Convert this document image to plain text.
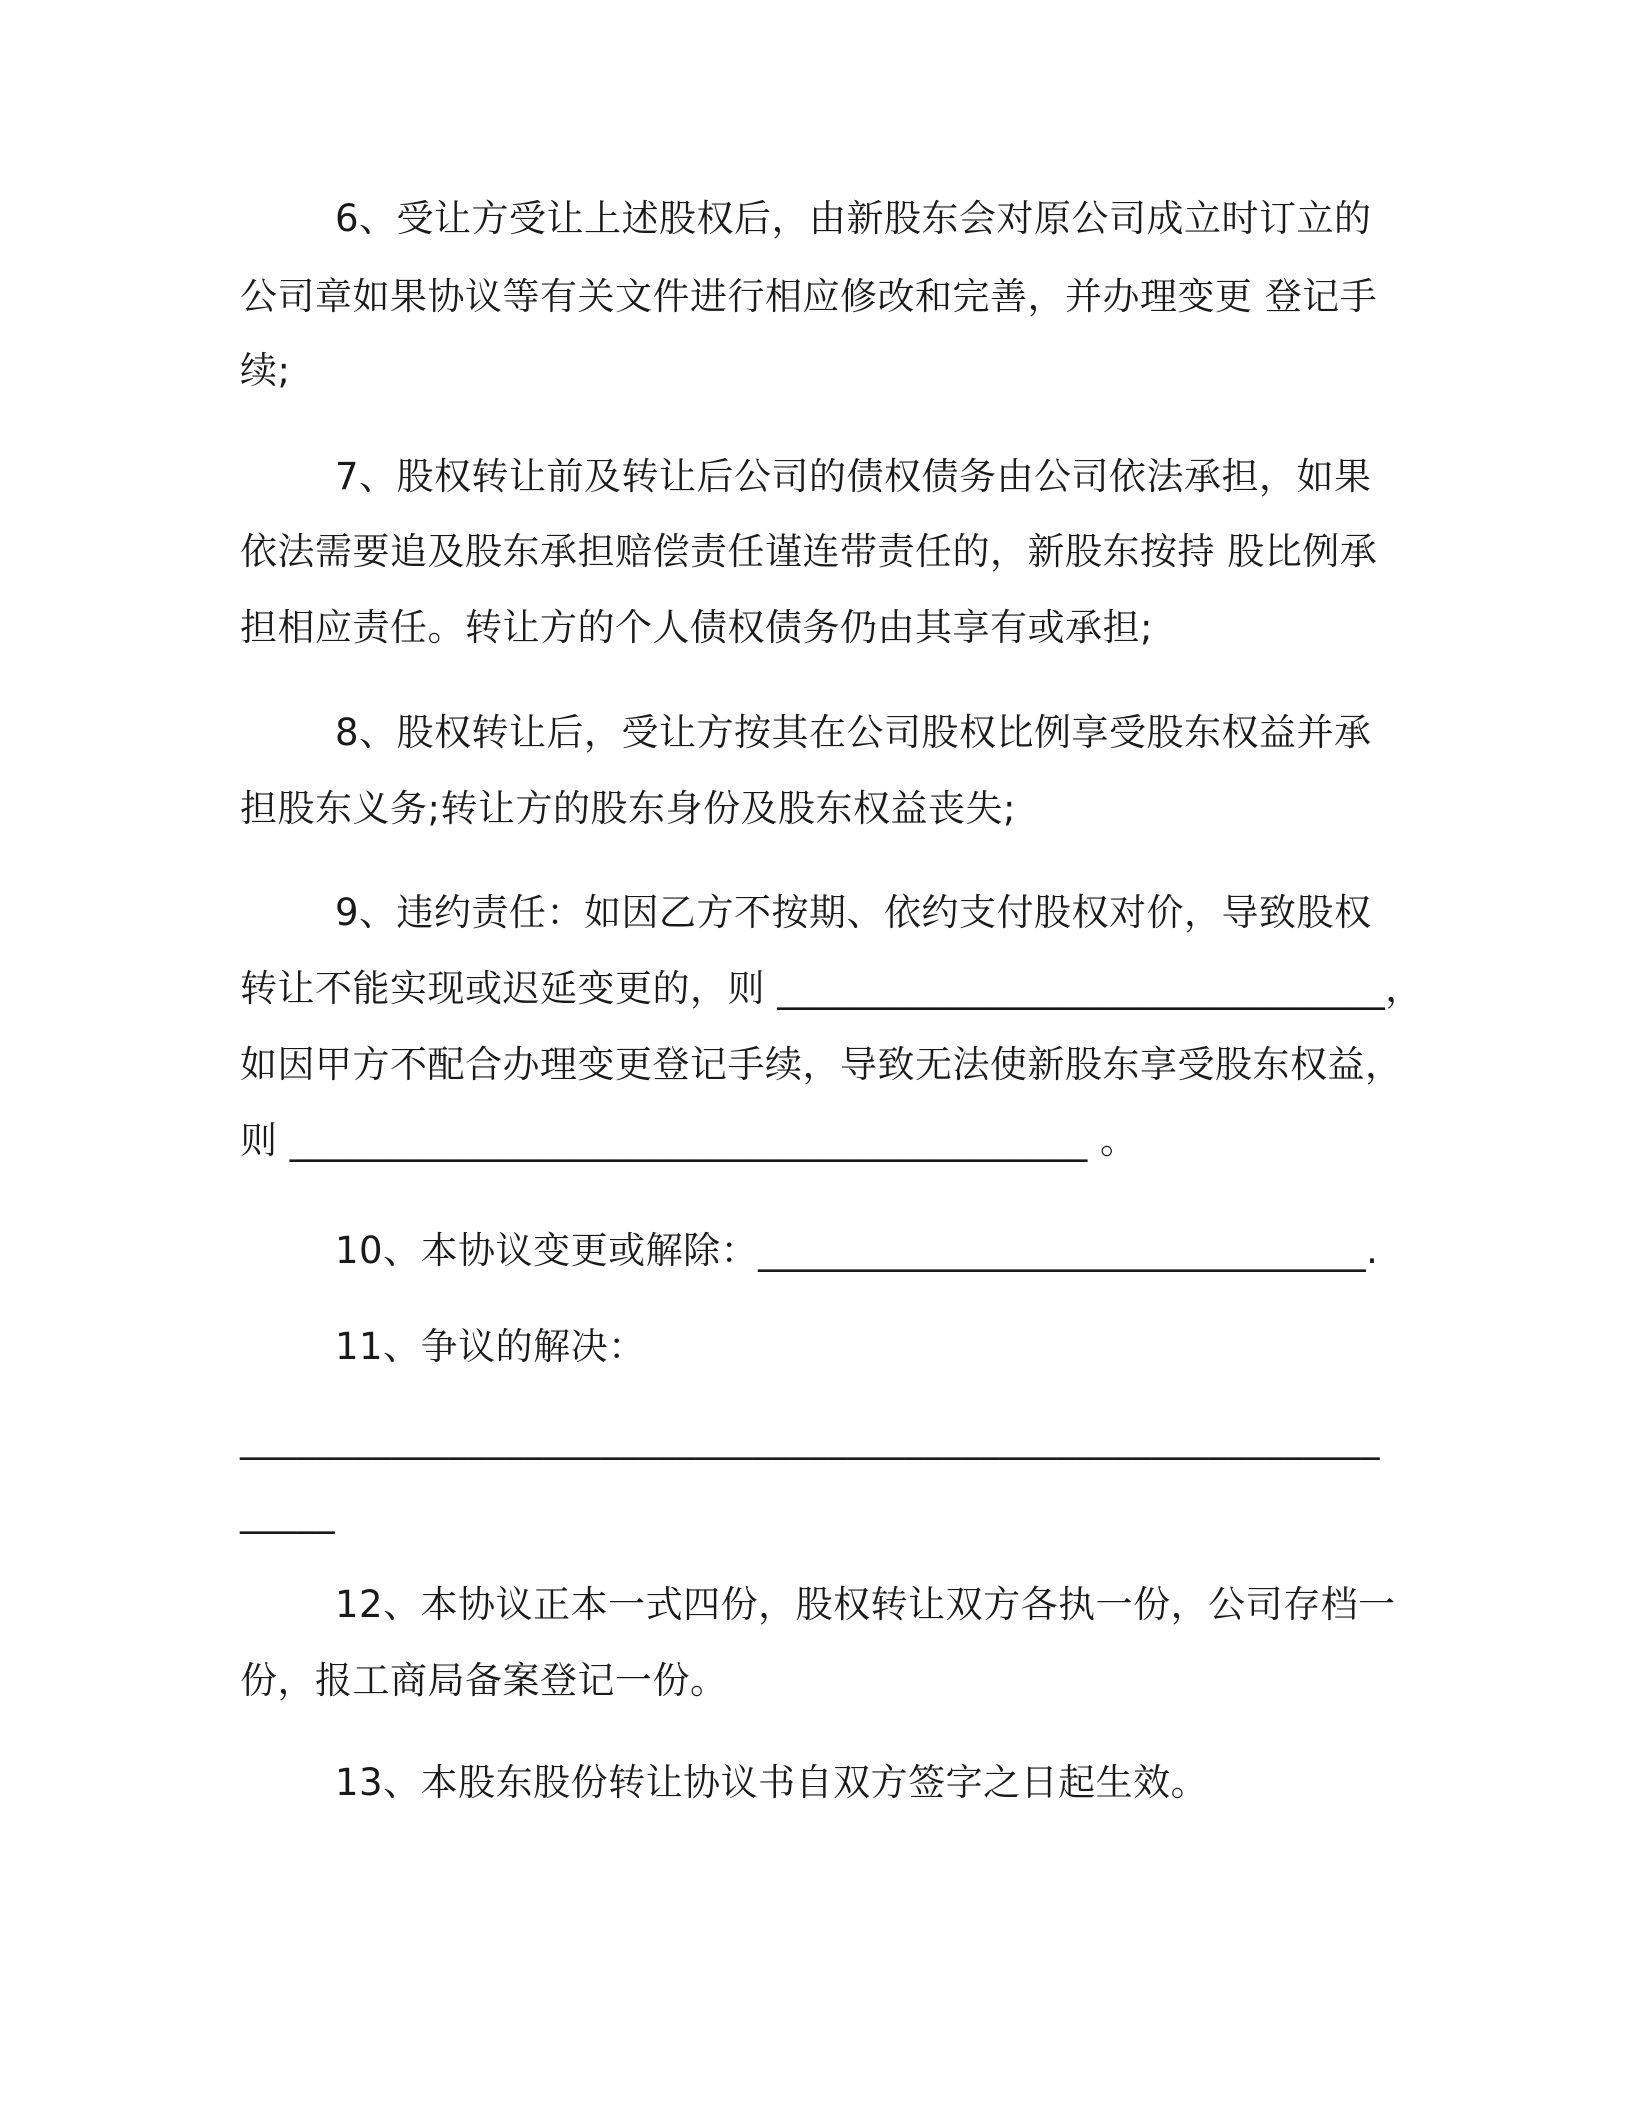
6、受让方受让上述股权后，由新股东会对原公司成立时订立的
公司章如果协议等有关文件进行相应修改和完善，并办理变更 登记手
续;
7、股权转让前及转让后公司的债权债务由公司依法承担，如果
依法需要追及股东承担赔偿责任谨连带责任的，新股东按持 股比例承
担相应责任。转让方的个人债权债务仍由其享有或承担;
8、股权转让后，受让方按其在公司股权比例享受股东权益并承
担股东义务;转让方的股东身份及股东权益丧失;
9、违约责任：如因乙方不按期、依约支付股权对价，导致股权
转让不能实现或迟延变更的，则 ________________________________，
如因甲方不配合办理变更登记手续，导致无法使新股东享受股东权益，
则 __________________________________________ 。
10、本协议变更或解除：________________________________.
11、争议的解决：
____________________________________________________________
_____
12、本协议正本一式四份，股权转让双方各执一份，公司存档一
份，报工商局备案登记一份。
13、本股东股份转让协议书自双方签字之日起生效。
